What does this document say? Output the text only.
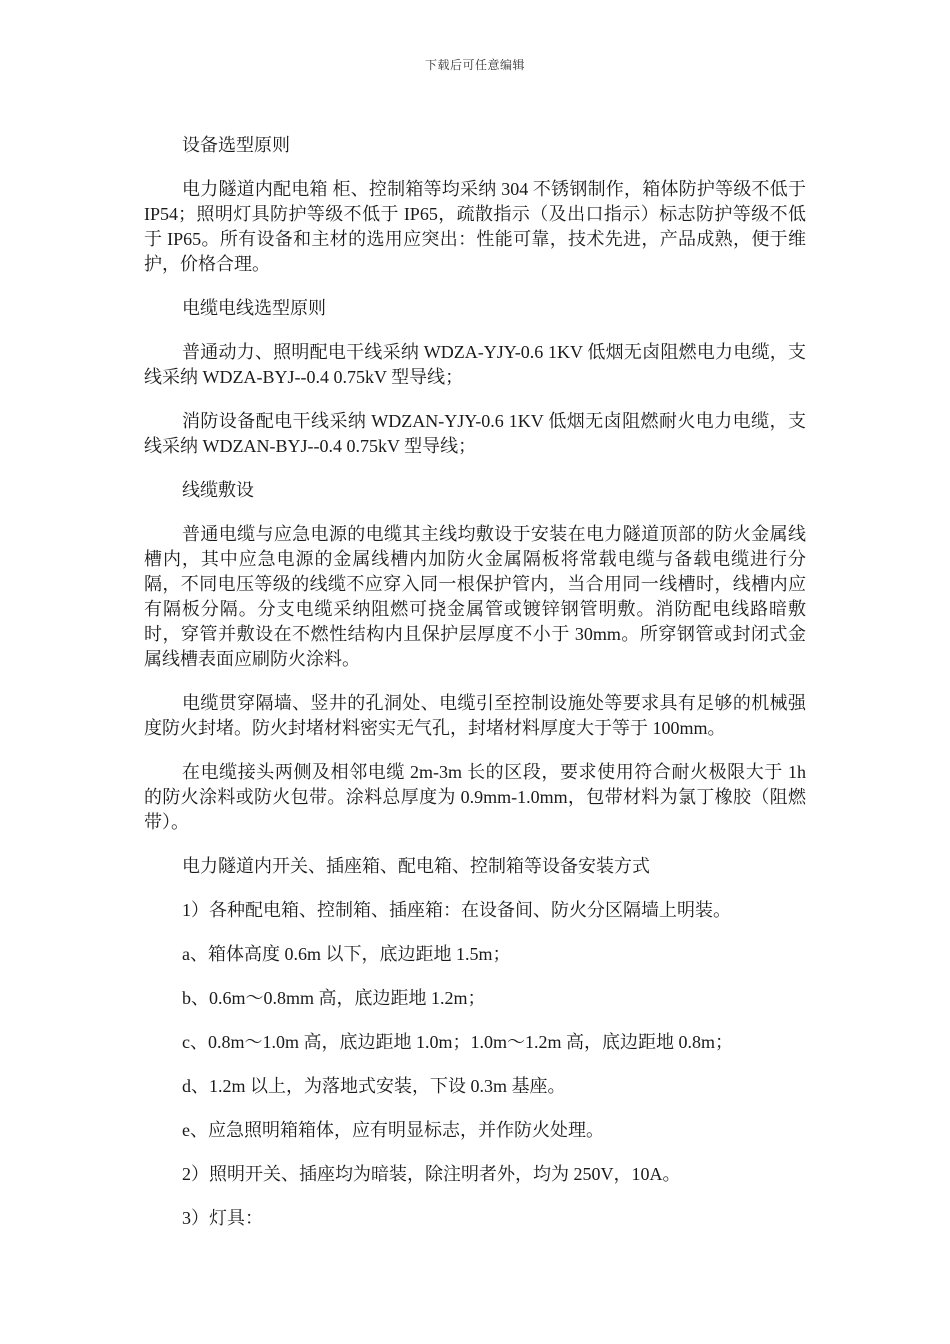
下载后可任意编辑

设备选型原则

电力隧道内配电箱 柜、控制箱等均采纳 304 不锈钢制作，箱体防护等级不低于 IP54；照明灯具防护等级不低于 IP65，疏散指示（及出口指示）标志防护等级不低于 IP65。所有设备和主材的选用应突出：性能可靠，技术先进，产品成熟，便于维护，价格合理。

电缆电线选型原则

普通动力、照明配电干线采纳 WDZA-YJY-0.6 1KV 低烟无卤阻燃电力电缆，支线采纳 WDZA-BYJ--0.4 0.75kV 型导线；

消防设备配电干线采纳 WDZAN-YJY-0.6 1KV 低烟无卤阻燃耐火电力电缆，支线采纳 WDZAN-BYJ--0.4 0.75kV 型导线；

线缆敷设

普通电缆与应急电源的电缆其主线均敷设于安装在电力隧道顶部的防火金属线槽内，其中应急电源的金属线槽内加防火金属隔板将常载电缆与备载电缆进行分隔，不同电压等级的线缆不应穿入同一根保护管内，当合用同一线槽时，线槽内应有隔板分隔。分支电缆采纳阻燃可挠金属管或镀锌钢管明敷。消防配电线路暗敷时，穿管并敷设在不燃性结构内且保护层厚度不小于 30mm。所穿钢管或封闭式金属线槽表面应刷防火涂料。

电缆贯穿隔墙、竖井的孔洞处、电缆引至控制设施处等要求具有足够的机械强度防火封堵。防火封堵材料密实无气孔，封堵材料厚度大于等于 100mm。

在电缆接头两侧及相邻电缆 2m-3m 长的区段，要求使用符合耐火极限大于 1h 的防火涂料或防火包带。涂料总厚度为 0.9mm-1.0mm，包带材料为氯丁橡胶（阻燃带）。

电力隧道内开关、插座箱、配电箱、控制箱等设备安装方式

1）各种配电箱、控制箱、插座箱：在设备间、防火分区隔墙上明装。

a、箱体高度 0.6m 以下，底边距地 1.5m；

b、0.6m～0.8mm 高，底边距地 1.2m；

c、0.8m～1.0m 高，底边距地 1.0m；1.0m～1.2m 高，底边距地 0.8m；

d、1.2m 以上，为落地式安装，下设 0.3m 基座。

e、应急照明箱箱体，应有明显标志，并作防火处理。

2）照明开关、插座均为暗装，除注明者外，均为 250V，10A。

3）灯具：
